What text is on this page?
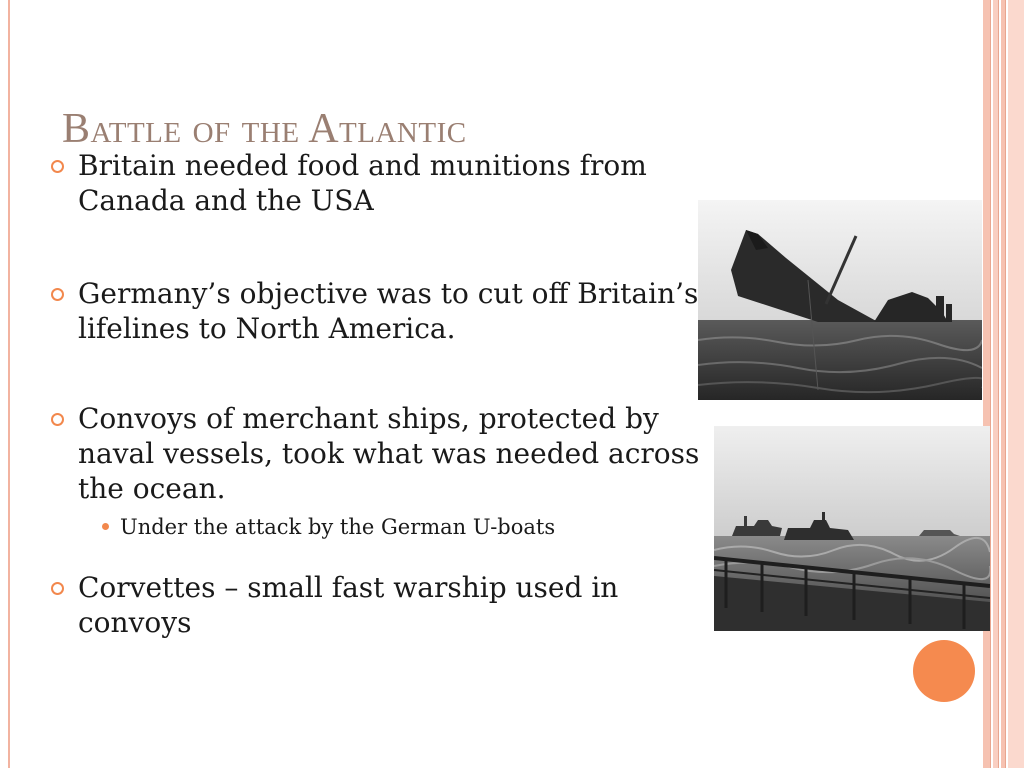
Battle of the Atlantic
Britain needed food and munitions from Canada and the USA
Germany’s objective was to cut off Britain’s lifelines to North America.
Convoys of merchant ships, protected by naval vessels, took what was needed across the ocean.
Under the attack by the German U-boats
Corvettes – small fast warship used in convoys
